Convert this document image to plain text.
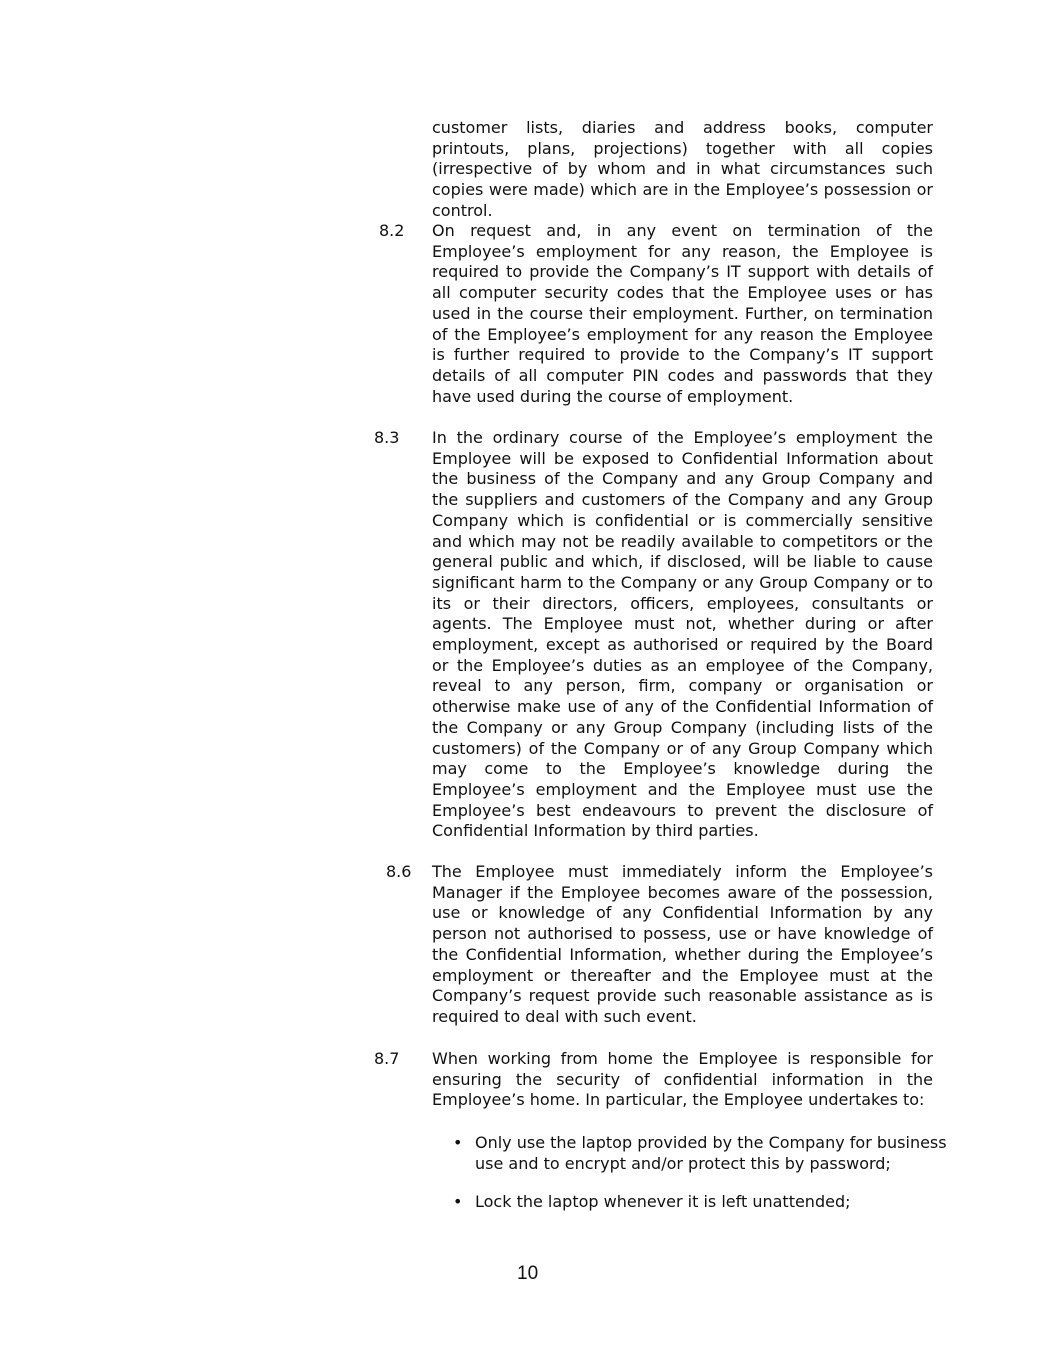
customer lists, diaries and address books, computer printouts, plans, projections) together with all copies (irrespective of by whom and in what circumstances such copies were made) which are in the Employee’s possession or control.
8.2 On request and, in any event on termination of the Employee’s employment for any reason, the Employee is required to provide the Company’s IT support with details of all computer security codes that the Employee uses or has used in the course their employment. Further, on termination of the Employee’s employment for any reason the Employee is further required to provide to the Company’s IT support details of all computer PIN codes and passwords that they have used during the course of employment.
8.3 In the ordinary course of the Employee’s employment the Employee will be exposed to Confidential Information about the business of the Company and any Group Company and the suppliers and customers of the Company and any Group Company which is confidential or is commercially sensitive and which may not be readily available to competitors or the general public and which, if disclosed, will be liable to cause significant harm to the Company or any Group Company or to its or their directors, officers, employees, consultants or agents. The Employee must not, whether during or after employment, except as authorised or required by the Board or the Employee’s duties as an employee of the Company, reveal to any person, firm, company or organisation or otherwise make use of any of the Confidential Information of the Company or any Group Company (including lists of the customers) of the Company or of any Group Company which may come to the Employee’s knowledge during the Employee’s employment and the Employee must use the Employee’s best endeavours to prevent the disclosure of Confidential Information by third parties.
8.6 The Employee must immediately inform the Employee’s Manager if the Employee becomes aware of the possession, use or knowledge of any Confidential Information by any person not authorised to possess, use or have knowledge of the Confidential Information, whether during the Employee’s employment or thereafter and the Employee must at the Company’s request provide such reasonable assistance as is required to deal with such event.
8.7 When working from home the Employee is responsible for ensuring the security of confidential information in the Employee’s home. In particular, the Employee undertakes to:
• Only use the laptop provided by the Company for business use and to encrypt and/or protect this by password;
• Lock the laptop whenever it is left unattended;
10
